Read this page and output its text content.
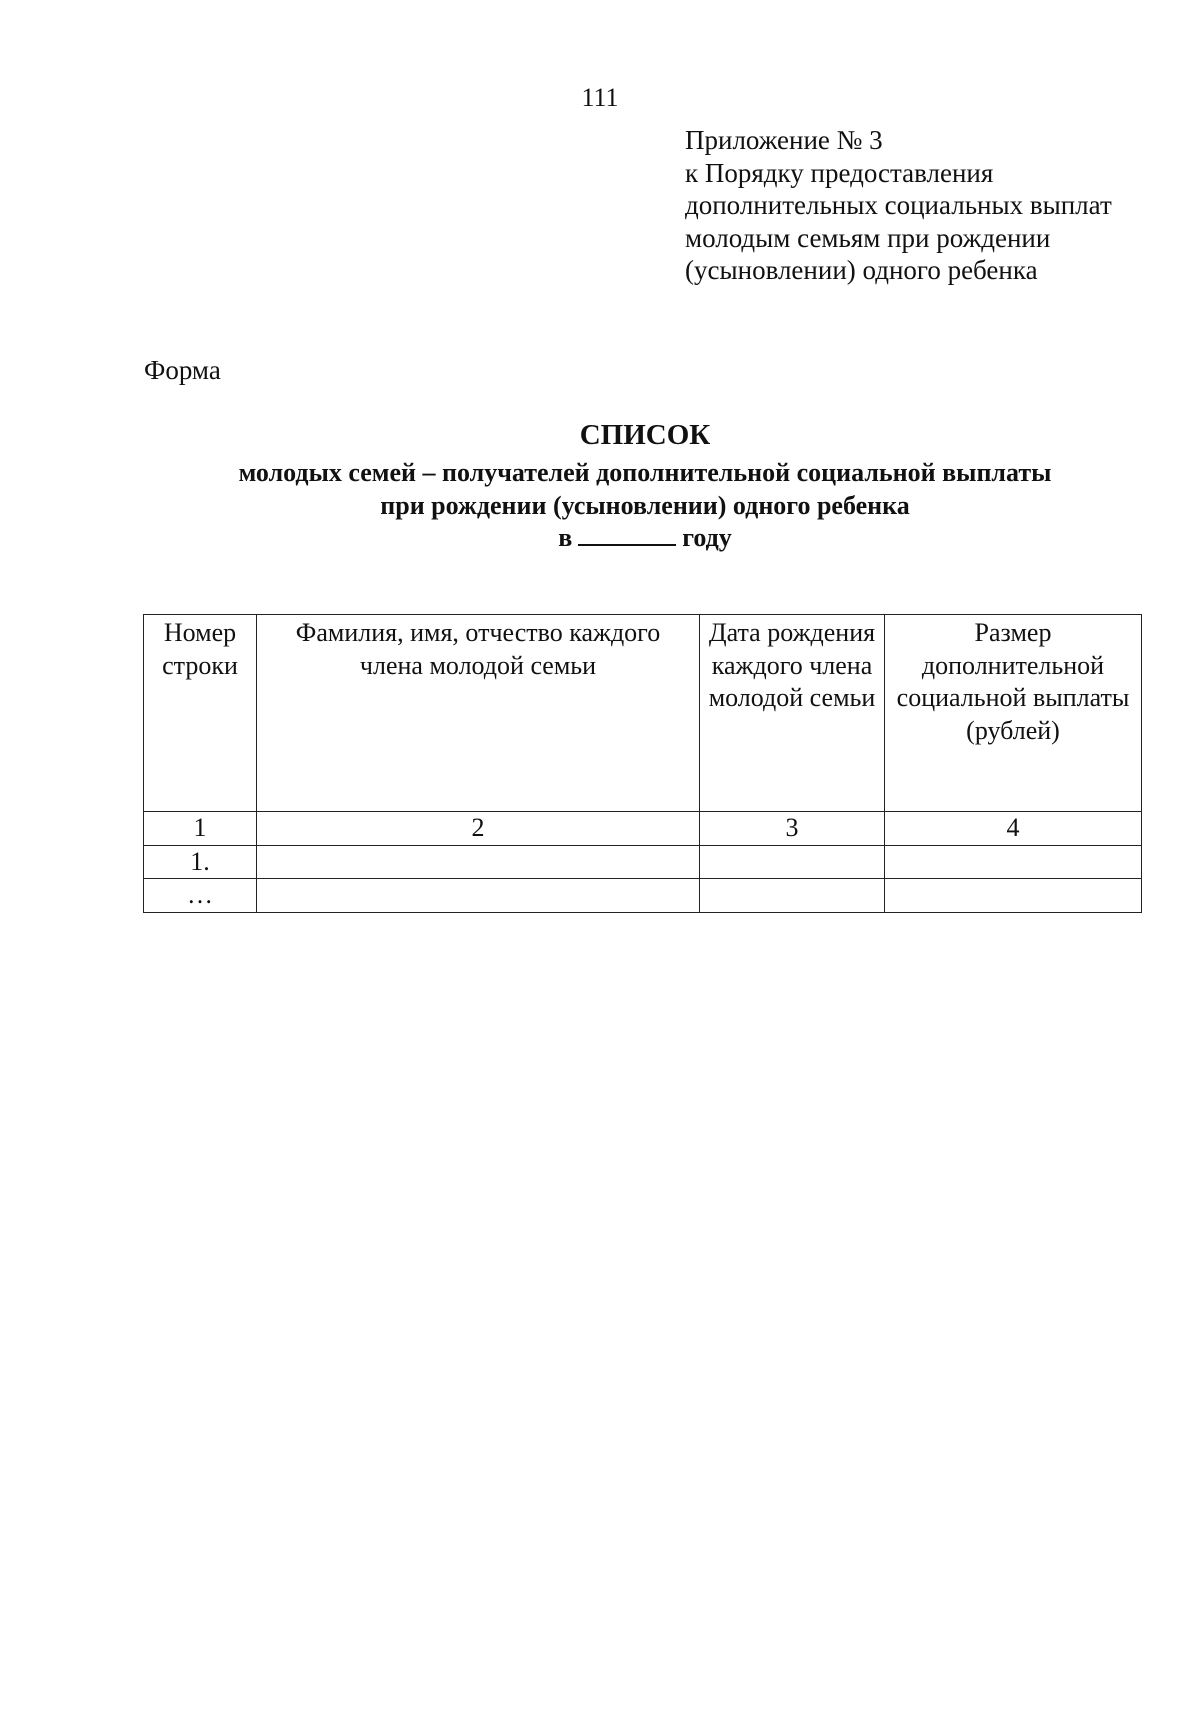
111
Приложение № 3
к Порядку предоставления
дополнительных социальных выплат
молодым семьям при рождении
(усыновлении) одного ребенка
Форма
СПИСОК
молодых семей – получателей дополнительной социальной выплаты
при рождении (усыновлении) одного ребенка
в	году
Номер строки	Фамилия, имя, отчество каждого члена молодой семьи	Дата рождения каждого члена молодой семьи	Размер дополнительной социальной выплаты (рублей)
1	2	3	4
1.			
…			
